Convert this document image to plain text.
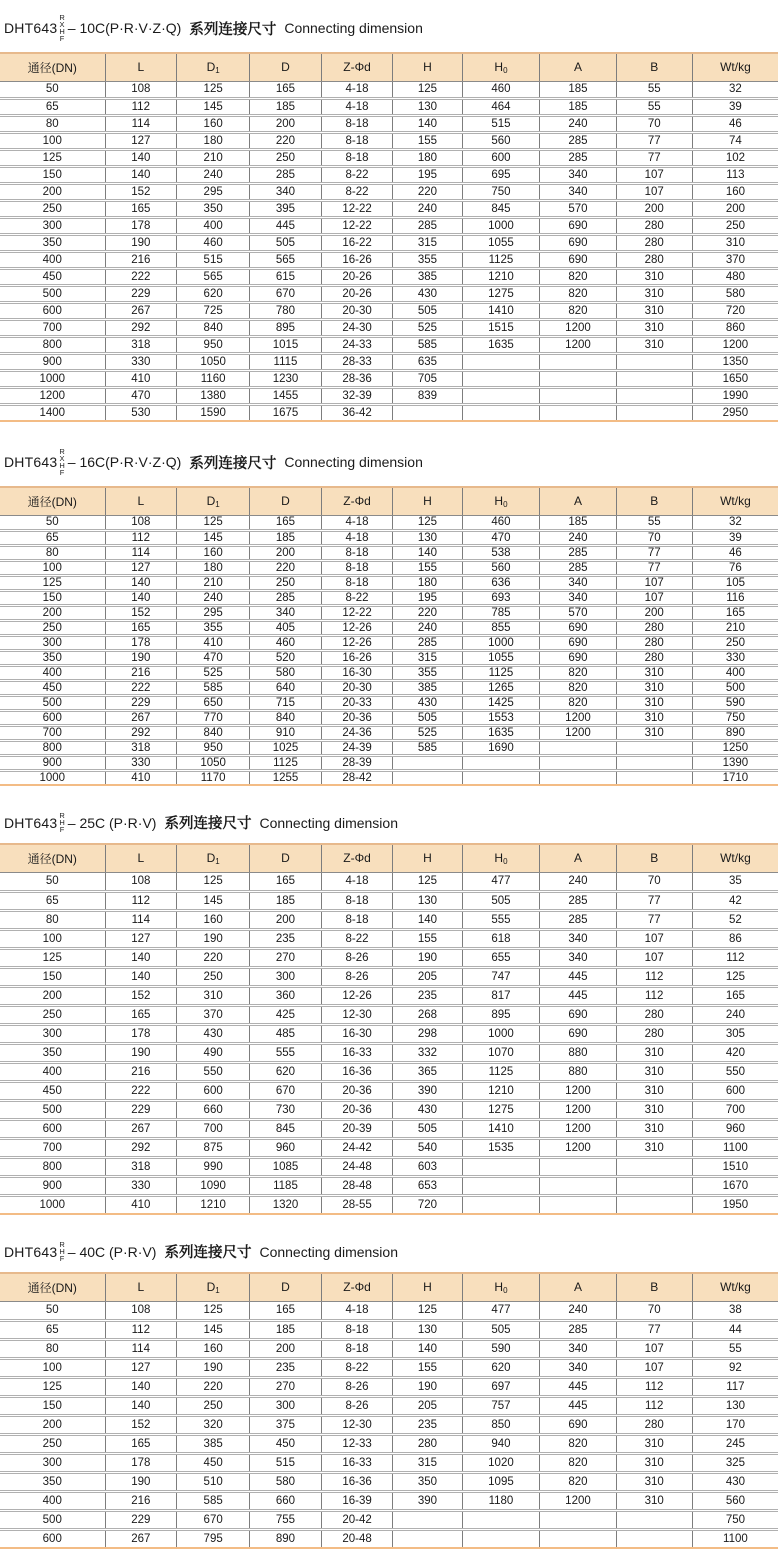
DHT643
R
X
H
F
– 10C(P·R·V·Z·Q) 系列连接尺寸 Connecting dimension
通径(DN)	L	$D_1$	D	Z-Φd	H	$H_0$	A	B	Wt/kg
50	108	125	165	4-18	125	460	185	55	32
65	112	145	185	4-18	130	464	185	55	39
80	114	160	200	8-18	140	515	240	70	46
100	127	180	220	8-18	155	560	285	77	74
125	140	210	250	8-18	180	600	285	77	102
150	140	240	285	8-22	195	695	340	107	113
200	152	295	340	8-22	220	750	340	107	160
250	165	350	395	12-22	240	845	570	200	200
300	178	400	445	12-22	285	1000	690	280	250
350	190	460	505	16-22	315	1055	690	280	310
400	216	515	565	16-26	355	1125	690	280	370
450	222	565	615	20-26	385	1210	820	310	480
500	229	620	670	20-26	430	1275	820	310	580
600	267	725	780	20-30	505	1410	820	310	720
700	292	840	895	24-30	525	1515	1200	310	860
800	318	950	1015	24-33	585	1635	1200	310	1200
900	330	1050	1115	28-33	635				1350
1000	410	1160	1230	28-36	705				1650
1200	470	1380	1455	32-39	839				1990
1400	530	1590	1675	36-42					2950
DHT643
R
X
H
F
– 16C(P·R·V·Z·Q) 系列连接尺寸 Connecting dimension
通径(DN)	L	$D_1$	D	Z-Φd	H	$H_0$	A	B	Wt/kg
50	108	125	165	4-18	125	460	185	55	32
65	112	145	185	4-18	130	470	240	70	39
80	114	160	200	8-18	140	538	285	77	46
100	127	180	220	8-18	155	560	285	77	76
125	140	210	250	8-18	180	636	340	107	105
150	140	240	285	8-22	195	693	340	107	116
200	152	295	340	12-22	220	785	570	200	165
250	165	355	405	12-26	240	855	690	280	210
300	178	410	460	12-26	285	1000	690	280	250
350	190	470	520	16-26	315	1055	690	280	330
400	216	525	580	16-30	355	1125	820	310	400
450	222	585	640	20-30	385	1265	820	310	500
500	229	650	715	20-33	430	1425	820	310	590
600	267	770	840	20-36	505	1553	1200	310	750
700	292	840	910	24-36	525	1635	1200	310	890
800	318	950	1025	24-39	585	1690			1250
900	330	1050	1125	28-39					1390
1000	410	1170	1255	28-42					1710
DHT643 R
H
F – 25C (P·R·V) 系列连接尺寸 Connecting dimension
通径(DN)	L	$D_1$	D	Z-Φd	H	$H_0$	A	B	Wt/kg
50	108	125	165	4-18	125	477	240	70	35
65	112	145	185	8-18	130	505	285	77	42
80	114	160	200	8-18	140	555	285	77	52
100	127	190	235	8-22	155	618	340	107	86
125	140	220	270	8-26	190	655	340	107	112
150	140	250	300	8-26	205	747	445	112	125
200	152	310	360	12-26	235	817	445	112	165
250	165	370	425	12-30	268	895	690	280	240
300	178	430	485	16-30	298	1000	690	280	305
350	190	490	555	16-33	332	1070	880	310	420
400	216	550	620	16-36	365	1125	880	310	550
450	222	600	670	20-36	390	1210	1200	310	600
500	229	660	730	20-36	430	1275	1200	310	700
600	267	700	845	20-39	505	1410	1200	310	960
700	292	875	960	24-42	540	1535	1200	310	1100
800	318	990	1085	24-48	603				1510
900	330	1090	1185	28-48	653				1670
1000	410	1210	1320	28-55	720				1950
DHT643 R
H
F – 40C (P·R·V) 系列连接尺寸 Connecting dimension
通径(DN)	L	$D_1$	D	Z-Φd	H	$H_0$	A	B	Wt/kg
50	108	125	165	4-18	125	477	240	70	38
65	112	145	185	8-18	130	505	285	77	44
80	114	160	200	8-18	140	590	340	107	55
100	127	190	235	8-22	155	620	340	107	92
125	140	220	270	8-26	190	697	445	112	117
150	140	250	300	8-26	205	757	445	112	130
200	152	320	375	12-30	235	850	690	280	170
250	165	385	450	12-33	280	940	820	310	245
300	178	450	515	16-33	315	1020	820	310	325
350	190	510	580	16-36	350	1095	820	310	430
400	216	585	660	16-39	390	1180	1200	310	560
500	229	670	755	20-42					750
600	267	795	890	20-48					1100
